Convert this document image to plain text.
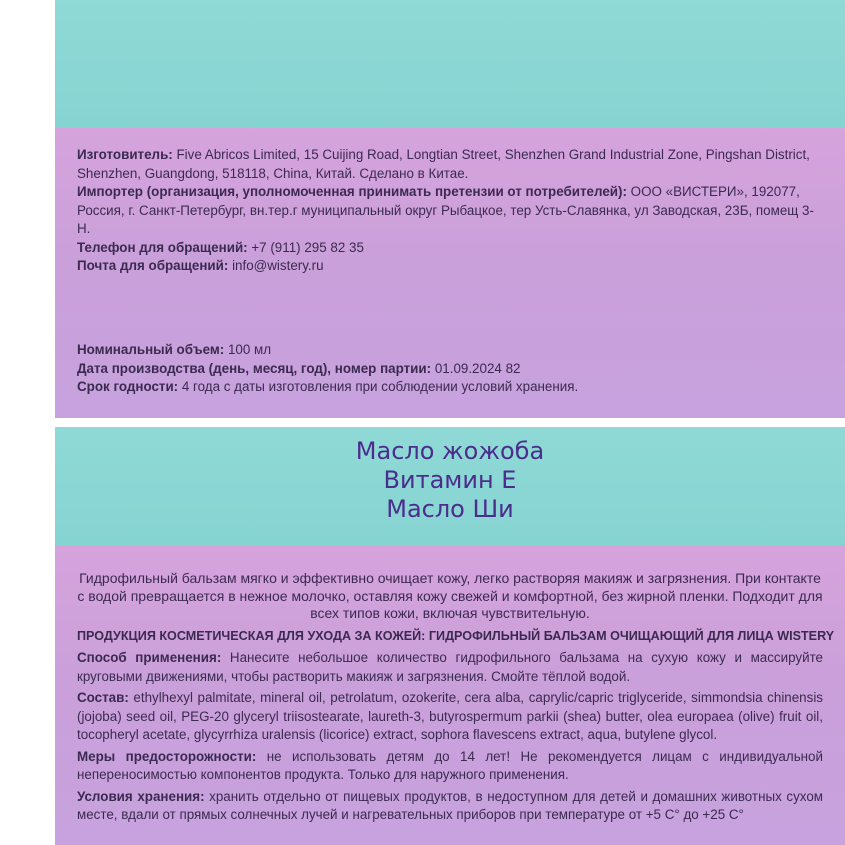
Изготовитель: Five Abricos Limited, 15 Cuijing Road, Longtian Street, Shenzhen Grand Industrial Zone, Pingshan District, Shenzhen, Guangdong, 518118, China, Китай. Сделано в Китае.

Импортер (организация, уполномоченная принимать претензии от потребителей): ООО «ВИСТЕРИ», 192077, Россия, г. Санкт-Петербург, вн.тер.г муниципальный округ Рыбацкое, тер Усть-Славянка, ул Заводская, 23Б, помещ 3-Н.

Телефон для обращений: +7 (911) 295 82 35

Почта для обращений: info@wistery.ru

Номинальный объем: 100 мл

Дата производства (день, месяц, год), номер партии: 01.09.2024 82

Срок годности: 4 года с даты изготовления при соблюдении условий хранения.

Масло жожоба
Витамин Е
Масло Ши

Гидрофильный бальзам мягко и эффективно очищает кожу, легко растворяя макияж и загрязнения. При контакте с водой превращается в нежное молочко, оставляя кожу свежей и комфортной, без жирной пленки. Подходит для всех типов кожи, включая чувствительную.

ПРОДУКЦИЯ КОСМЕТИЧЕСКАЯ ДЛЯ УХОДА ЗА КОЖЕЙ: ГИДРОФИЛЬНЫЙ БАЛЬЗАМ ОЧИЩАЮЩИЙ ДЛЯ ЛИЦА WISTERY

Способ применения: Нанесите небольшое количество гидрофильного бальзама на сухую кожу и массируйте круговыми движениями, чтобы растворить макияж и загрязнения. Смойте тёплой водой.

Состав: ethylhexyl palmitate, mineral oil, petrolatum, ozokerite, cera alba, caprylic/capric triglyceride, simmondsia chinensis (jojoba) seed oil, PEG-20 glyceryl triisostearate, laureth-3, butyrospermum parkii (shea) butter, olea europaea (olive) fruit oil, tocopheryl acetate, glycyrrhiza uralensis (licorice) extract, sophora flavescens extract, aqua, butylene glycol.

Меры предосторожности: не использовать детям до 14 лет! Не рекомендуется лицам с индивидуальной непереносимостью компонентов продукта. Только для наружного применения.

Условия хранения: хранить отдельно от пищевых продуктов, в недоступном для детей и домашних животных сухом месте, вдали от прямых солнечных лучей и нагревательных приборов при температуре от +5 С° до +25 С°
